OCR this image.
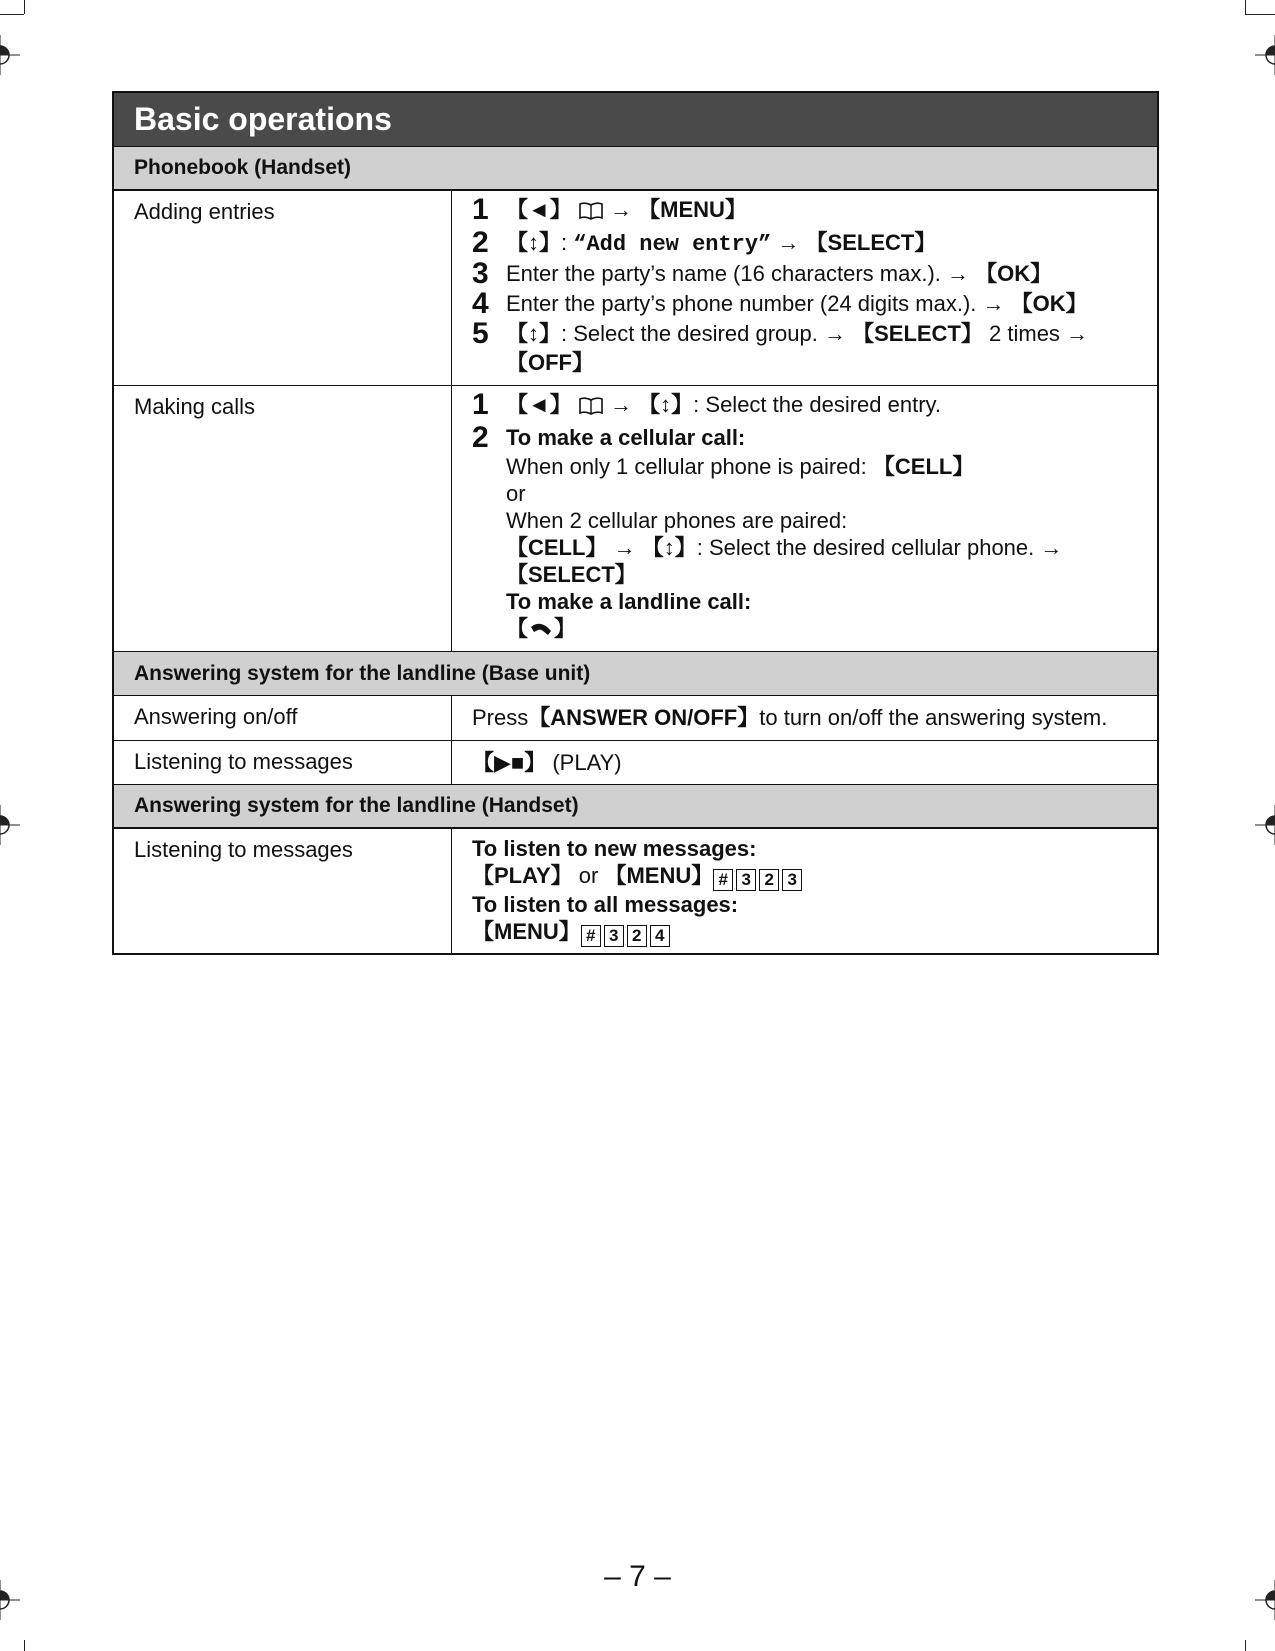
Basic operations
Phonebook (Handset)
Adding entries	1 【◄】 → 【MENU】
2 【↕】: “Add new entry” → 【SELECT】
3 Enter the party’s name (16 characters max.). → 【OK】
4 Enter the party’s phone number (24 digits max.). → 【OK】
5 【↕】: Select the desired group. → 【SELECT】 2 times →
【OFF】
Making calls	1 【◄】 → 【↕】: Select the desired entry.
2 To make a cellular call:
When only 1 cellular phone is paired: 【CELL】
or
When 2 cellular phones are paired:
【CELL】 → 【↕】: Select the desired cellular phone. →
【SELECT】
To make a landline call:
【 】
Answering system for the landline (Base unit)
Answering on/off	Press【ANSWER ON/OFF】to turn on/off the answering system.
Listening to messages	【▶■】 (PLAY)
Answering system for the landline (Handset)
Listening to messages	To listen to new messages:
【PLAY】 or 【MENU】 # 3 2 3
To listen to all messages:
【MENU】 # 3 2 4
– 7 –
